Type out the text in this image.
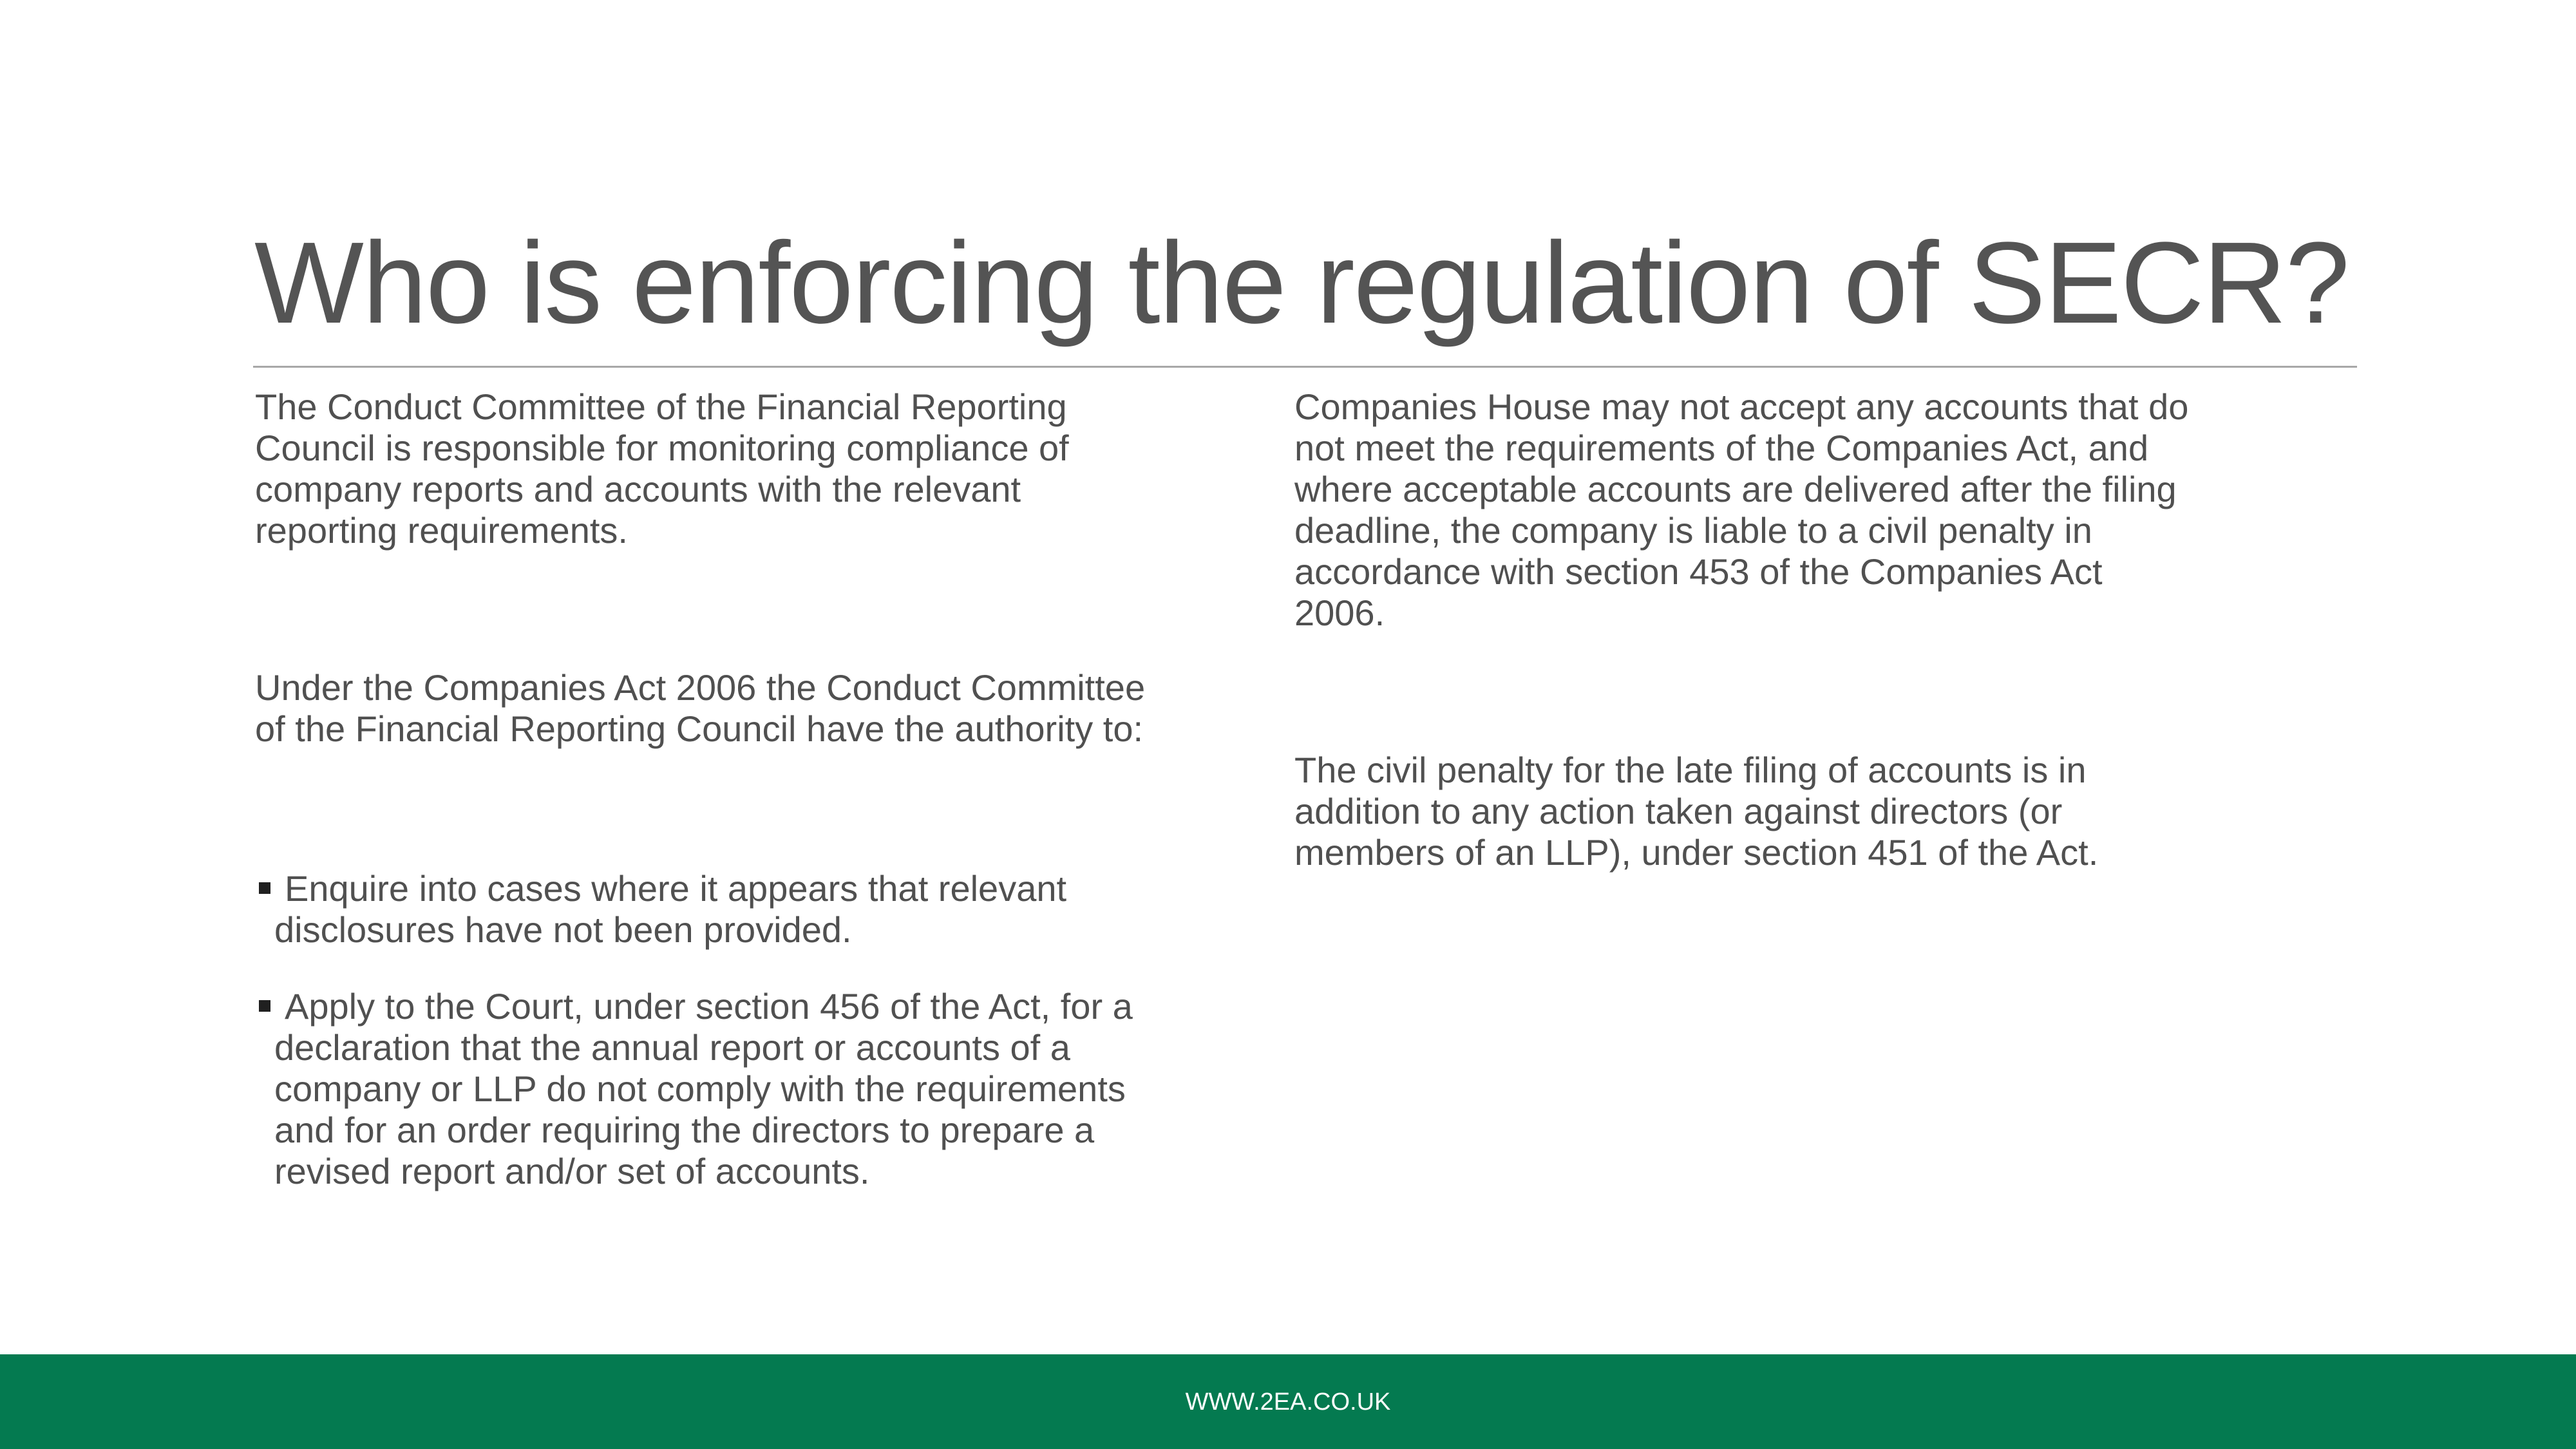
Who is enforcing the regulation of SECR?

The Conduct Committee of the Financial Reporting Council is responsible for monitoring compliance of company reports and accounts with the relevant reporting requirements.

Under the Companies Act 2006 the Conduct Committee of the Financial Reporting Council have the authority to:

Enquire into cases where it appears that relevant disclosures have not been provided.
Apply to the Court, under section 456 of the Act, for a declaration that the annual report or accounts of a company or LLP do not comply with the requirements and for an order requiring the directors to prepare a revised report and/or set of accounts.

Companies House may not accept any accounts that do not meet the requirements of the Companies Act, and where acceptable accounts are delivered after the filing deadline, the company is liable to a civil penalty in accordance with section 453 of the Companies Act 2006.

The civil penalty for the late filing of accounts is in addition to any action taken against directors (or members of an LLP), under section 451 of the Act.

WWW.2EA.CO.UK
